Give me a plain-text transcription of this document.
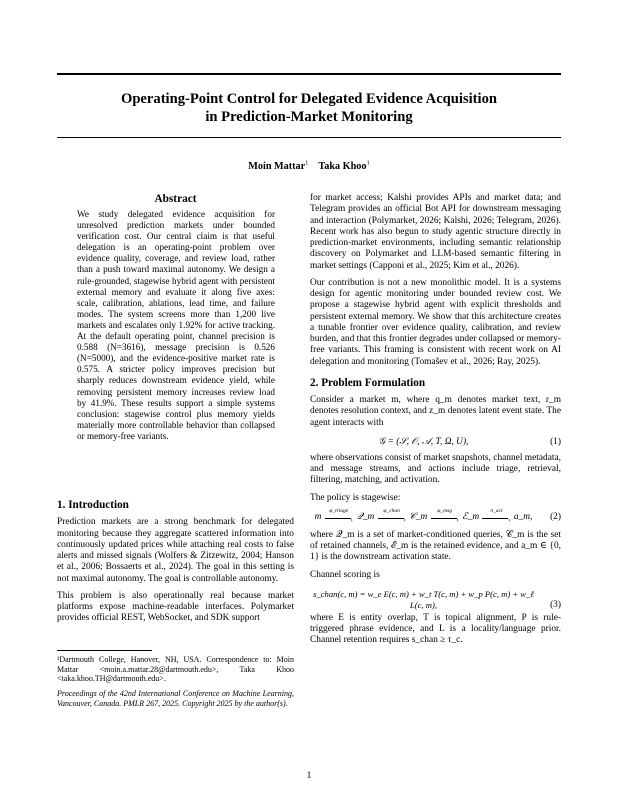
Operating-Point Control for Delegated Evidence Acquisition
in Prediction-Market Monitoring
Moin Mattar$^1$ Taka Khoo$^1$
Abstract
We study delegated evidence acquisition for unresolved prediction markets under bounded verification cost. Our central claim is that useful delegation is an operating-point problem over evidence quality, coverage, and review load, rather than a push toward maximal autonomy. We design a rule-grounded, stagewise hybrid agent with persistent external memory and evaluate it along five axes: scale, calibration, ablations, lead time, and failure modes. The system screens more than 1,200 live markets and escalates only 1.92% for active tracking. At the default operating point, channel precision is 0.588 (N=3616), message precision is 0.526 (N=5000), and the evidence-positive market rate is 0.575. A stricter policy improves precision but sharply reduces downstream evidence yield, while removing persistent memory increases review load by 41.9%. These results support a simple systems conclusion: stagewise control plus memory yields materially more controllable behavior than collapsed or memory-free variants.
1. Introduction

Prediction markets are a strong benchmark for delegated monitoring because they aggregate scattered information into continuously updated prices while attaching real costs to false alerts and missed signals (Wolfers & Zitzewitz, 2004; Hanson et al., 2006; Bossaerts et al., 2024). The goal in this setting is not maximal autonomy. The goal is controllable autonomy.

This problem is also operationally real because market platforms expose machine-readable interfaces. Polymarket provides official REST, WebSocket, and SDK support

¹Dartmouth College, Hanover, NH, USA. Correspondence to: Moin Mattar <moin.a.mattar.28@dartmouth.edu>, Taka Khoo <taka.khoo.TH@dartmouth.edu>.

Proceedings of the 42nd International Conference on Machine Learning, Vancouver, Canada. PMLR 267, 2025. Copyright 2025 by the author(s).

for market access; Kalshi provides APIs and market data; and Telegram provides an official Bot API for downstream messaging and interaction (Polymarket, 2026; Kalshi, 2026; Telegram, 2026). Recent work has also begun to study agentic structure directly in prediction-market environments, including semantic relationship discovery on Polymarket and LLM-based semantic filtering in market settings (Capponi et al., 2025; Kim et al., 2026).

Our contribution is not a new monolithic model. It is a systems design for agentic monitoring under bounded review cost. We propose a stagewise hybrid agent with explicit thresholds and persistent external memory. We show that this architecture creates a tunable frontier over evidence quality, calibration, and review burden, and that this frontier degrades under collapsed or memory-free variants. This framing is consistent with recent work on AI delegation and monitoring (Tomašev et al., 2026; Ray, 2025).

2. Problem Formulation

Consider a market m, where q_m denotes market text, r_m denotes resolution context, and z_m denotes latent event state. The agent interacts with

𝒢 = (𝒮, 𝒪, 𝒜, T, Ω, U),	(1)

where observations consist of market snapshots, channel metadata, and message streams, and actions include triage, retrieval, filtering, matching, and activation.

The policy is stagewise:

m
φ_triage
› 𝒬_m
φ_chan
› 𝒞_m
φ_msg
› ℰ_m
π_act
› a_m,	(2)

where 𝒬_m is a set of market-conditioned queries, 𝒞_m is the set of retained channels, ℰ_m is the retained evidence, and a_m ∈ {0, 1} is the downstream activation state.

Channel scoring is

s_chan(c, m) = w_e E(c, m) + w_t T(c, m) + w_p P(c, m) + w_ℓ L(c, m),	(3)

where E is entity overlap, T is topical alignment, P is rule-triggered phrase evidence, and L is a locality/language prior. Channel retention requires s_chan ≥ τ_c.

1
